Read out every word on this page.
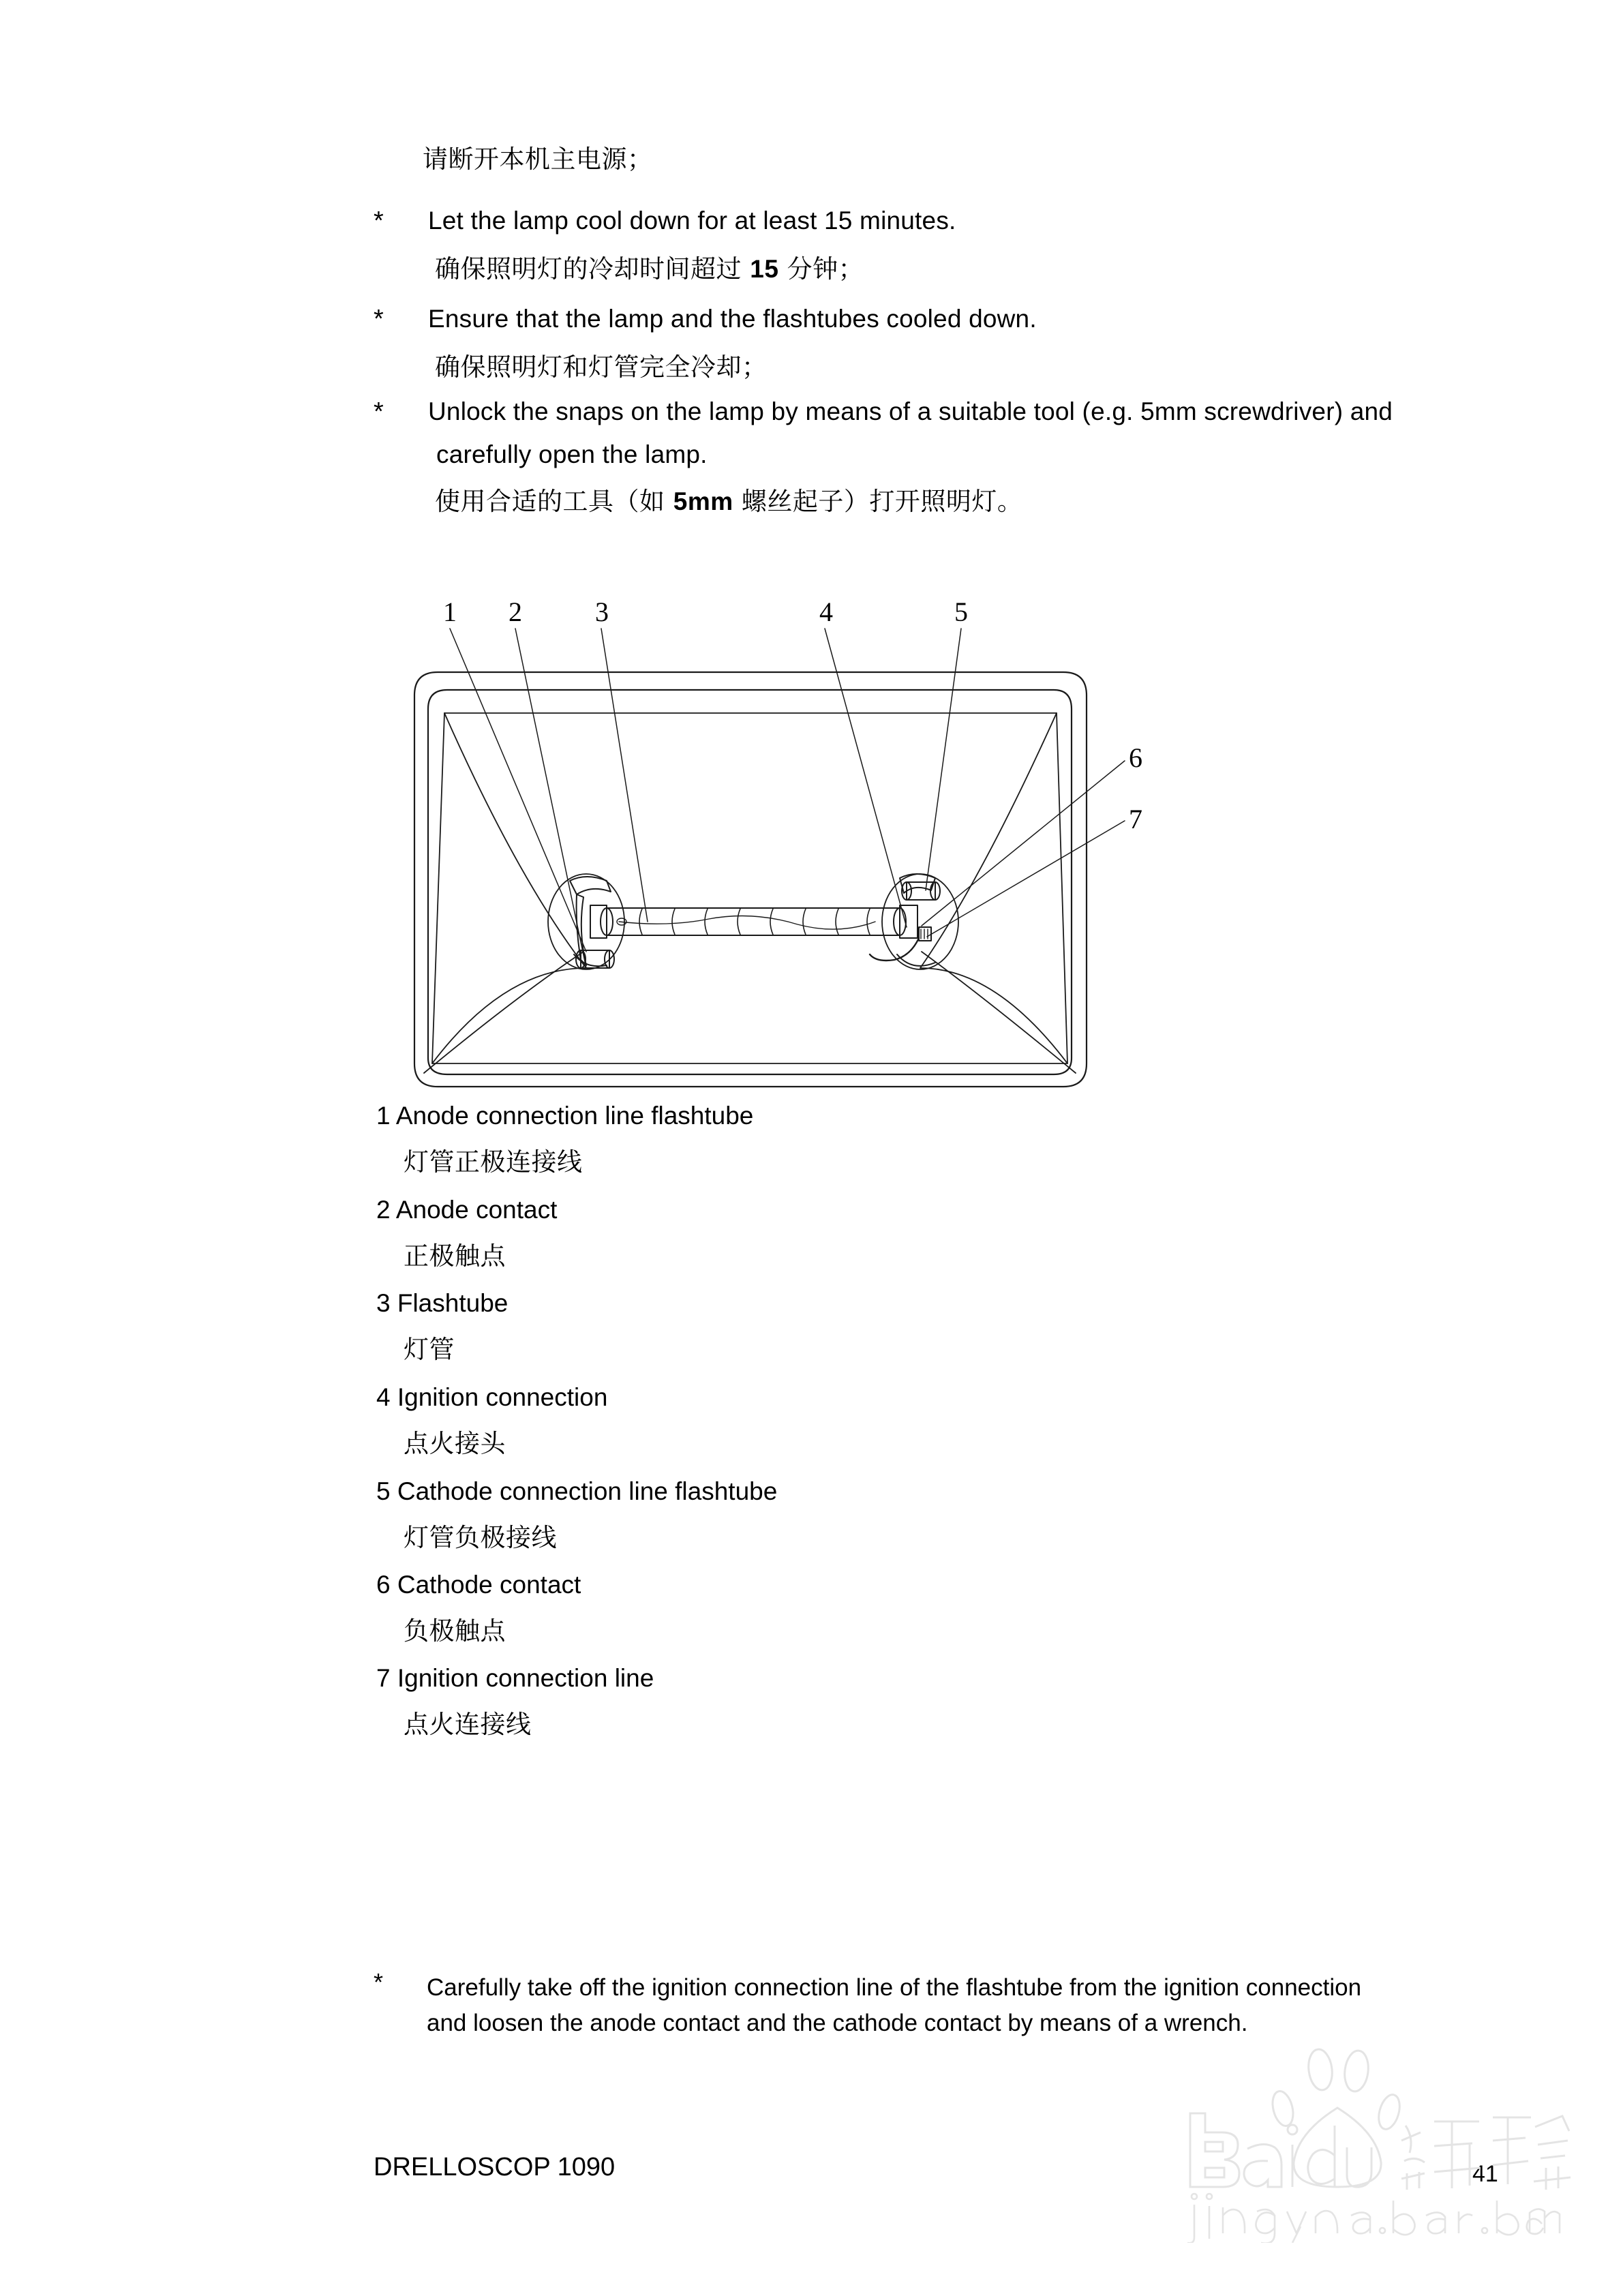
请断开本机主电源；
* Let the lamp cool down for at least 15 minutes.
确保照明灯的冷却时间超过 15 分钟；
* Ensure that the lamp and the flashtubes cooled down.
确保照明灯和灯管完全冷却；
* Unlock the snaps on the lamp by means of a suitable tool (e.g. 5mm screwdriver) and
carefully open the lamp.
使用合适的工具（如 5mm 螺丝起子）打开照明灯。
1 2	3	4	5
6
7
1 Anode connection line flashtube
灯管正极连接线
2 Anode contact
正极触点
3 Flashtube
灯管
4 Ignition connection
点火接头
5 Cathode connection line flashtube
灯管负极接线
6 Cathode contact
负极触点
7 Ignition connection line
点火连接线
* Carefully take off the ignition connection line of the flashtube from the ignition connection and loosen the anode contact and the cathode contact by means of a wrench.
DRELLOSCOP 1090	41
